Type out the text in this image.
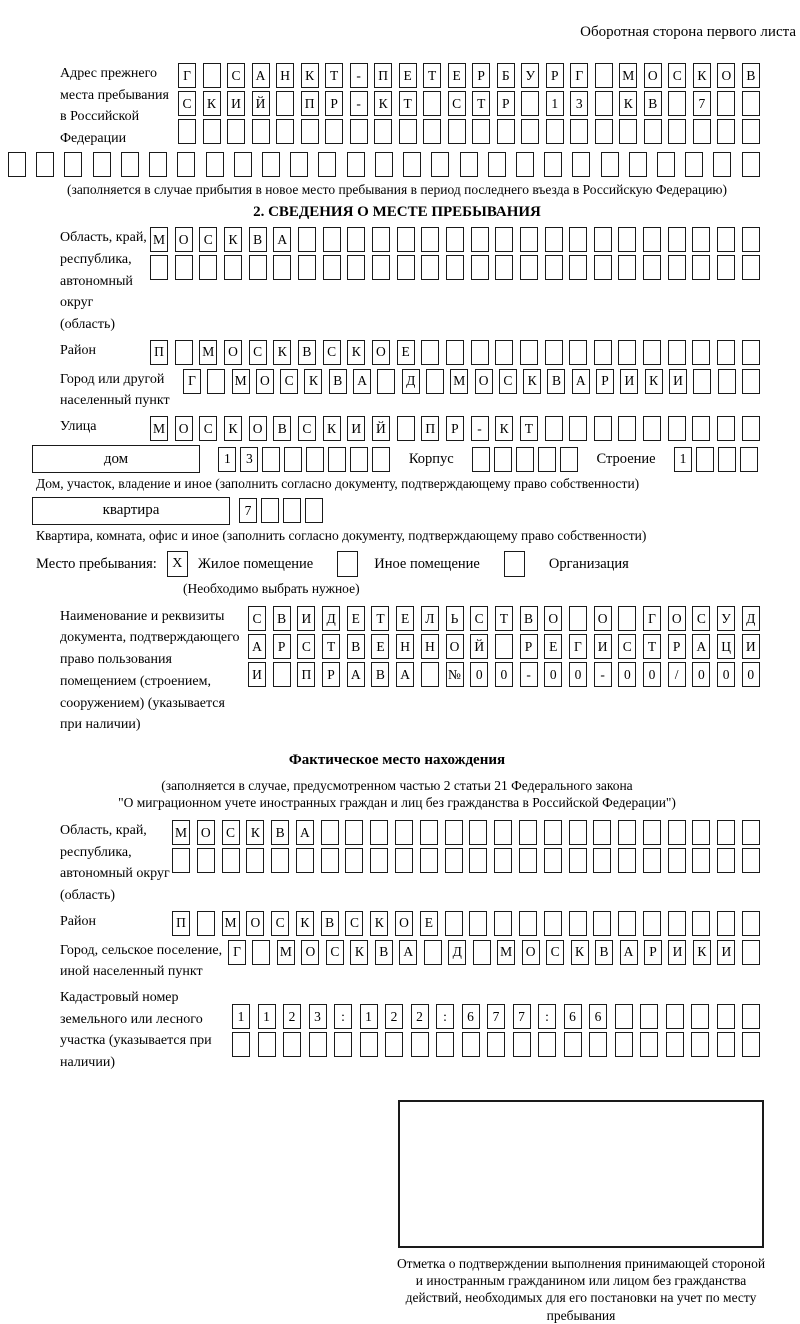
Оборотная сторона первого листа
Адрес прежнего места пребывания в Российской Федерации
Г	С	А	Н	К	Т	-	П	Е	Т	Е	Р	Б	У	Р	Г	М	О	С	К	О	В
С	К	И	Й	П	Р	-	К	Т	С	Т	Р	1	3	К	В	7
(заполняется в случае прибытия в новое место пребывания в период последнего въезда в Российскую Федерацию)
2. СВЕДЕНИЯ О МЕСТЕ ПРЕБЫВАНИЯ
Область, край, республика, автономный округ (область)
М	О	С	К	В	А
Район	П	М	О	С	К	В	С	К	О	Е
Город или другой населенный пункт
Г	М О	С	К	В	А	Д	М О	С	К	В	А	Р	И	К	И
Улица	М	О	С	К	О	В	С	К	И	Й	П	Р	-	К	Т
дом	1	3	Корпус	Строение	1
Дом, участок, владение и иное (заполнить согласно документу, подтверждающему право собственности)
квартира	7
Квартира, комната, офис и иное (заполнить согласно документу, подтверждающему право собственности)
Место пребывания:	X	Жилое помещение	Иное помещение	Организация
(Необходимо выбрать нужное)
Наименование и реквизиты документа, подтверждающего право пользования помещением (строением, сооружением) (указывается при наличии)
С	В	И	Д	Е	Т	Е	Л	Ь	С	Т	В	О	О	Г	О	С	У	Д
А	Р	С	Т	В	Е	Н	Н	О	Й	Р	Е	Г	И	С	Т	Р	А	Ц	И
И	П	Р	А	В	А	№	0	0	-	0	0	-	0	0	/	0	0	0
Фактическое место нахождения
(заполняется в случае, предусмотренном частью 2 статьи 21 Федерального закона
"О миграционном учете иностранных граждан и лиц без гражданства в Российской Федерации")
Область, край, республика, автономный округ (область)
М	О	С	К	В	А
Район	П	М	О	С	К	В	С	К	О	Е
Город, сельское поселение, иной населенный пункт
Г	М	О	С	К	В	А	Д	М	О	С	К	В	А	Р	И	К	И
Кадастровый номер земельного или лесного участка (указывается при наличии)
1	1	2	3	:	1	2	2	:	6	7	7	:	6	6
Отметка о подтверждении выполнения принимающей стороной и иностранным гражданином или лицом без гражданства действий, необходимых для его постановки на учет по месту пребывания
